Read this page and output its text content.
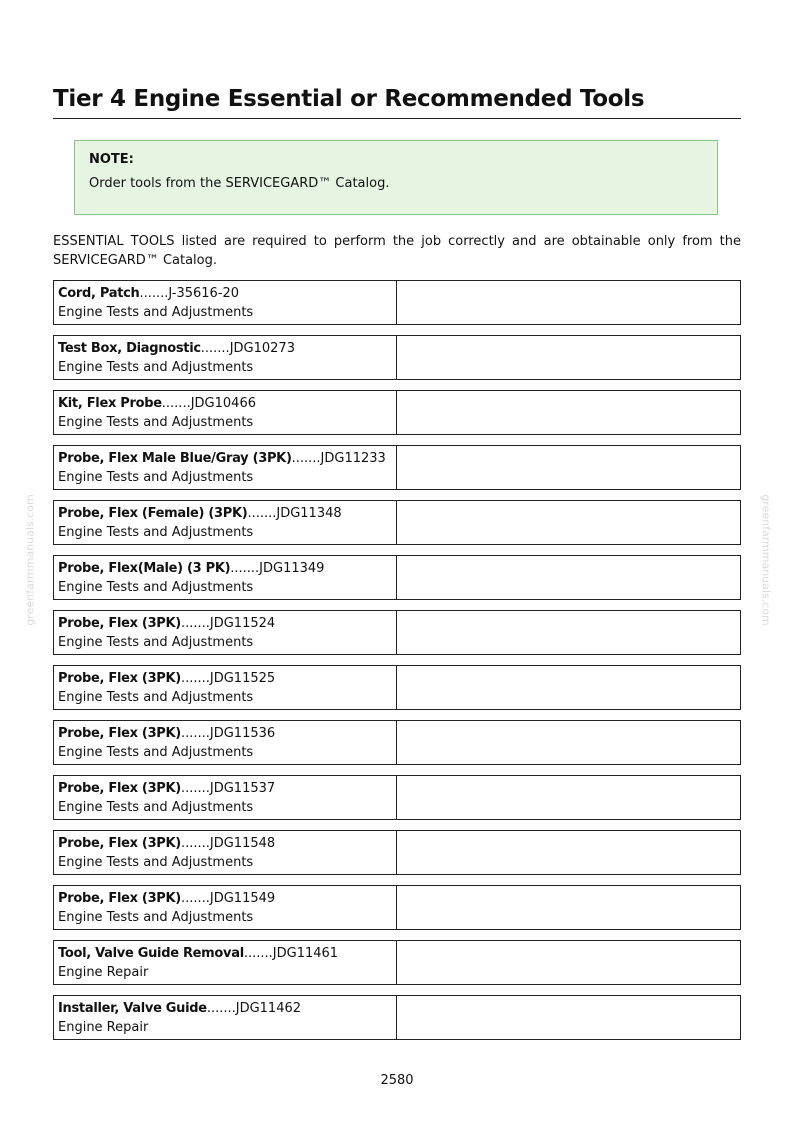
Tier 4 Engine Essential or Recommended Tools
NOTE:
Order tools from the SERVICEGARD™ Catalog.
ESSENTIAL TOOLS listed are required to perform the job correctly and are obtainable only from the SERVICEGARD™ Catalog.
Cord, Patch.......J-35616-20
Engine Tests and Adjustments
Test Box, Diagnostic.......JDG10273
Engine Tests and Adjustments
Kit, Flex Probe.......JDG10466
Engine Tests and Adjustments
Probe, Flex Male Blue/Gray (3PK).......JDG11233
Engine Tests and Adjustments
Probe, Flex (Female) (3PK).......JDG11348
Engine Tests and Adjustments
Probe, Flex(Male) (3 PK).......JDG11349
Engine Tests and Adjustments
Probe, Flex (3PK).......JDG11524
Engine Tests and Adjustments
Probe, Flex (3PK).......JDG11525
Engine Tests and Adjustments
Probe, Flex (3PK).......JDG11536
Engine Tests and Adjustments
Probe, Flex (3PK).......JDG11537
Engine Tests and Adjustments
Probe, Flex (3PK).......JDG11548
Engine Tests and Adjustments
Probe, Flex (3PK).......JDG11549
Engine Tests and Adjustments
Tool, Valve Guide Removal.......JDG11461
Engine Repair
Installer, Valve Guide.......JDG11462
Engine Repair
2580
greenfarmmanuals.com	greenfarmmanuals.com
